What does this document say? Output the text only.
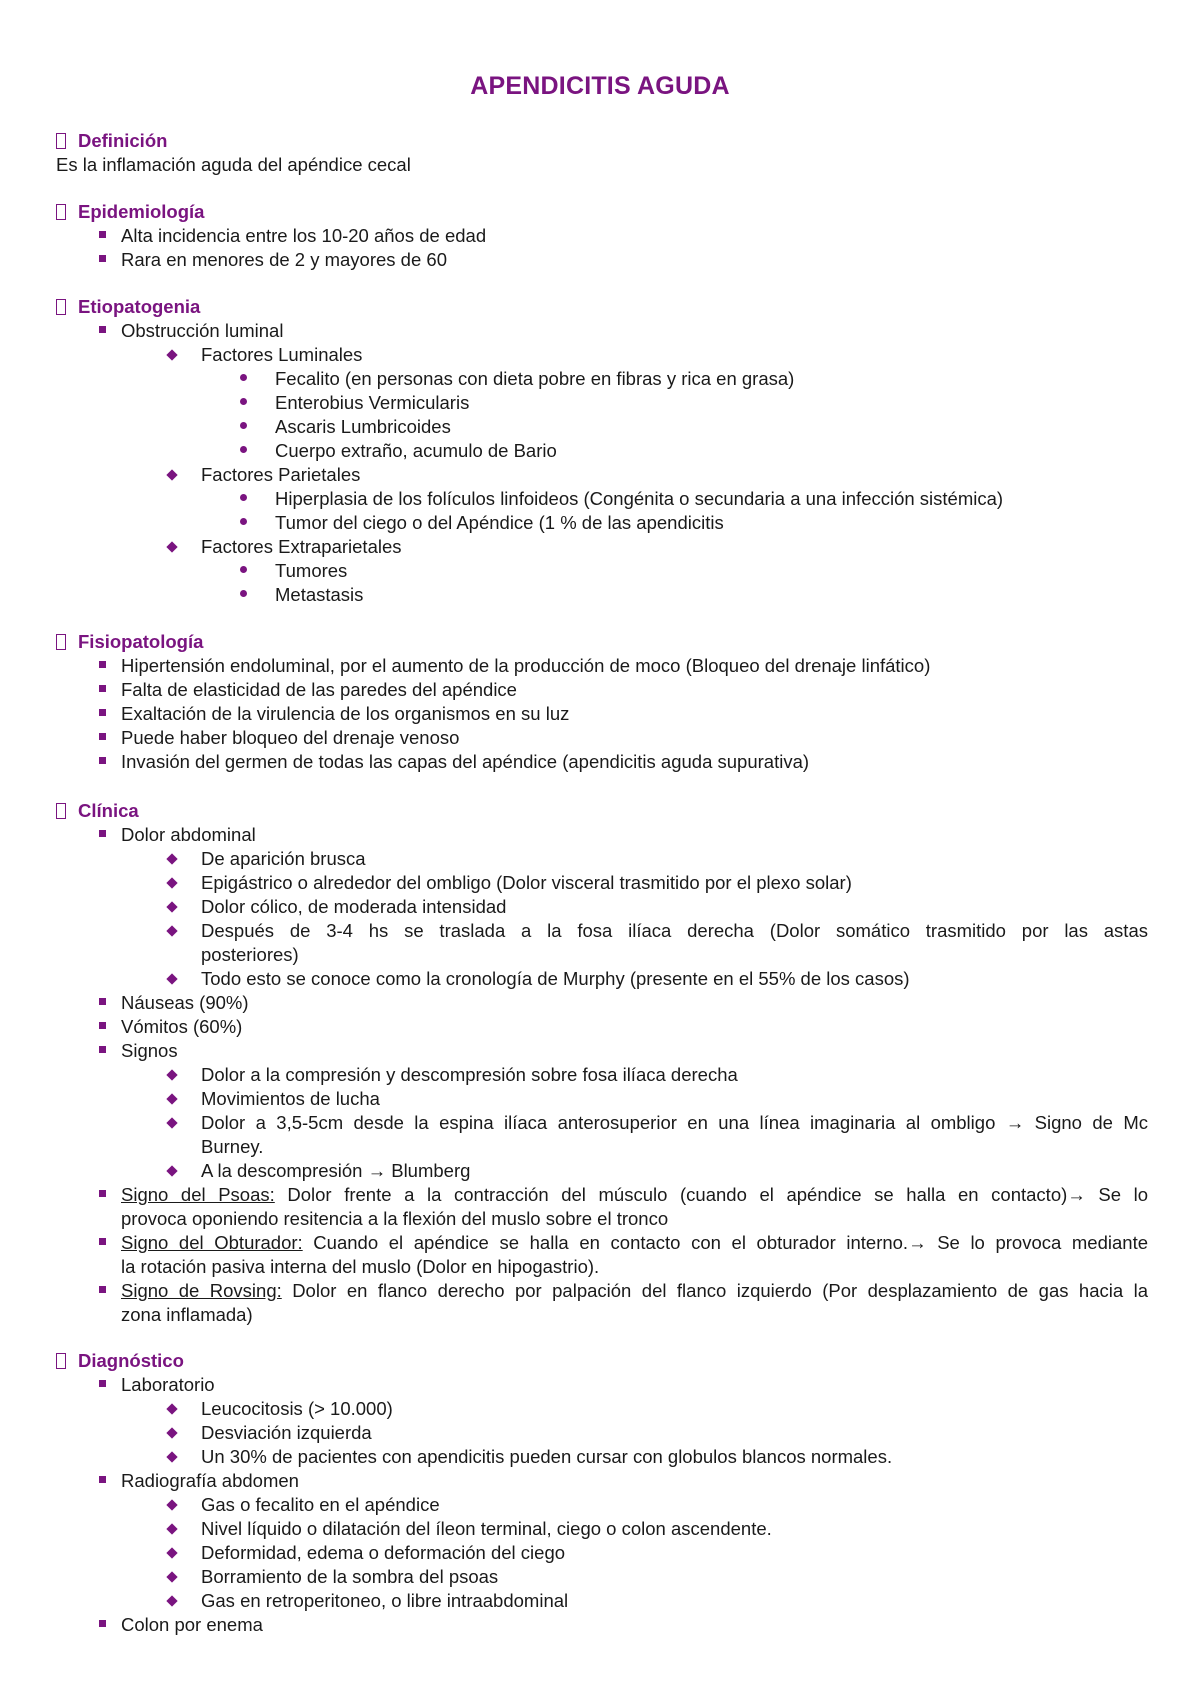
APENDICITIS AGUDA
Definición
Es la inflamación aguda del apéndice cecal
Epidemiología
Alta incidencia entre los 10-20 años de edad
Rara en menores de 2 y mayores de 60
Etiopatogenia
Obstrucción luminal
Factores Luminales
Fecalito (en personas con dieta pobre en fibras y rica en grasa)
Enterobius Vermicularis
Ascaris Lumbricoides
Cuerpo extraño, acumulo de Bario
Factores Parietales
Hiperplasia de los folículos linfoideos (Congénita o secundaria a una infección sistémica)
Tumor del ciego o del Apéndice (1 % de las apendicitis
Factores Extraparietales
Tumores
Metastasis
Fisiopatología
Hipertensión endoluminal, por el aumento de la producción de moco (Bloqueo del drenaje linfático)
Falta de elasticidad de las paredes del apéndice
Exaltación de la virulencia de los organismos en su luz
Puede haber bloqueo del drenaje venoso
Invasión del germen de todas las capas del apéndice (apendicitis aguda supurativa)
Clínica
Dolor abdominal
De aparición brusca
Epigástrico o alrededor del ombligo (Dolor visceral trasmitido por el plexo solar)
Dolor cólico, de moderada intensidad
Después de 3-4 hs se traslada a la fosa ilíaca derecha (Dolor somático trasmitido por las astas
posteriores)
Todo esto se conoce como la cronología de Murphy (presente en el 55% de los casos)
Náuseas (90%)
Vómitos (60%)
Signos
Dolor a la compresión y descompresión sobre fosa ilíaca derecha
Movimientos de lucha
Dolor a 3,5-5cm desde la espina ilíaca anterosuperior en una línea imaginaria al ombligo → Signo de Mc
Burney.
A la descompresión → Blumberg
Signo del Psoas: Dolor frente a la contracción del músculo (cuando el apéndice se halla en contacto)→ Se lo
provoca oponiendo resitencia a la flexión del muslo sobre el tronco
Signo del Obturador: Cuando el apéndice se halla en contacto con el obturador interno.→ Se lo provoca mediante
la rotación pasiva interna del muslo (Dolor en hipogastrio).
Signo de Rovsing: Dolor en flanco derecho por palpación del flanco izquierdo (Por desplazamiento de gas hacia la
zona inflamada)
Diagnóstico
Laboratorio
Leucocitosis (> 10.000)
Desviación izquierda
Un 30% de pacientes con apendicitis pueden cursar con globulos blancos normales.
Radiografía abdomen
Gas o fecalito en el apéndice
Nivel líquido o dilatación del íleon terminal, ciego o colon ascendente.
Deformidad, edema o deformación del ciego
Borramiento de la sombra del psoas
Gas en retroperitoneo, o libre intraabdominal
Colon por enema
